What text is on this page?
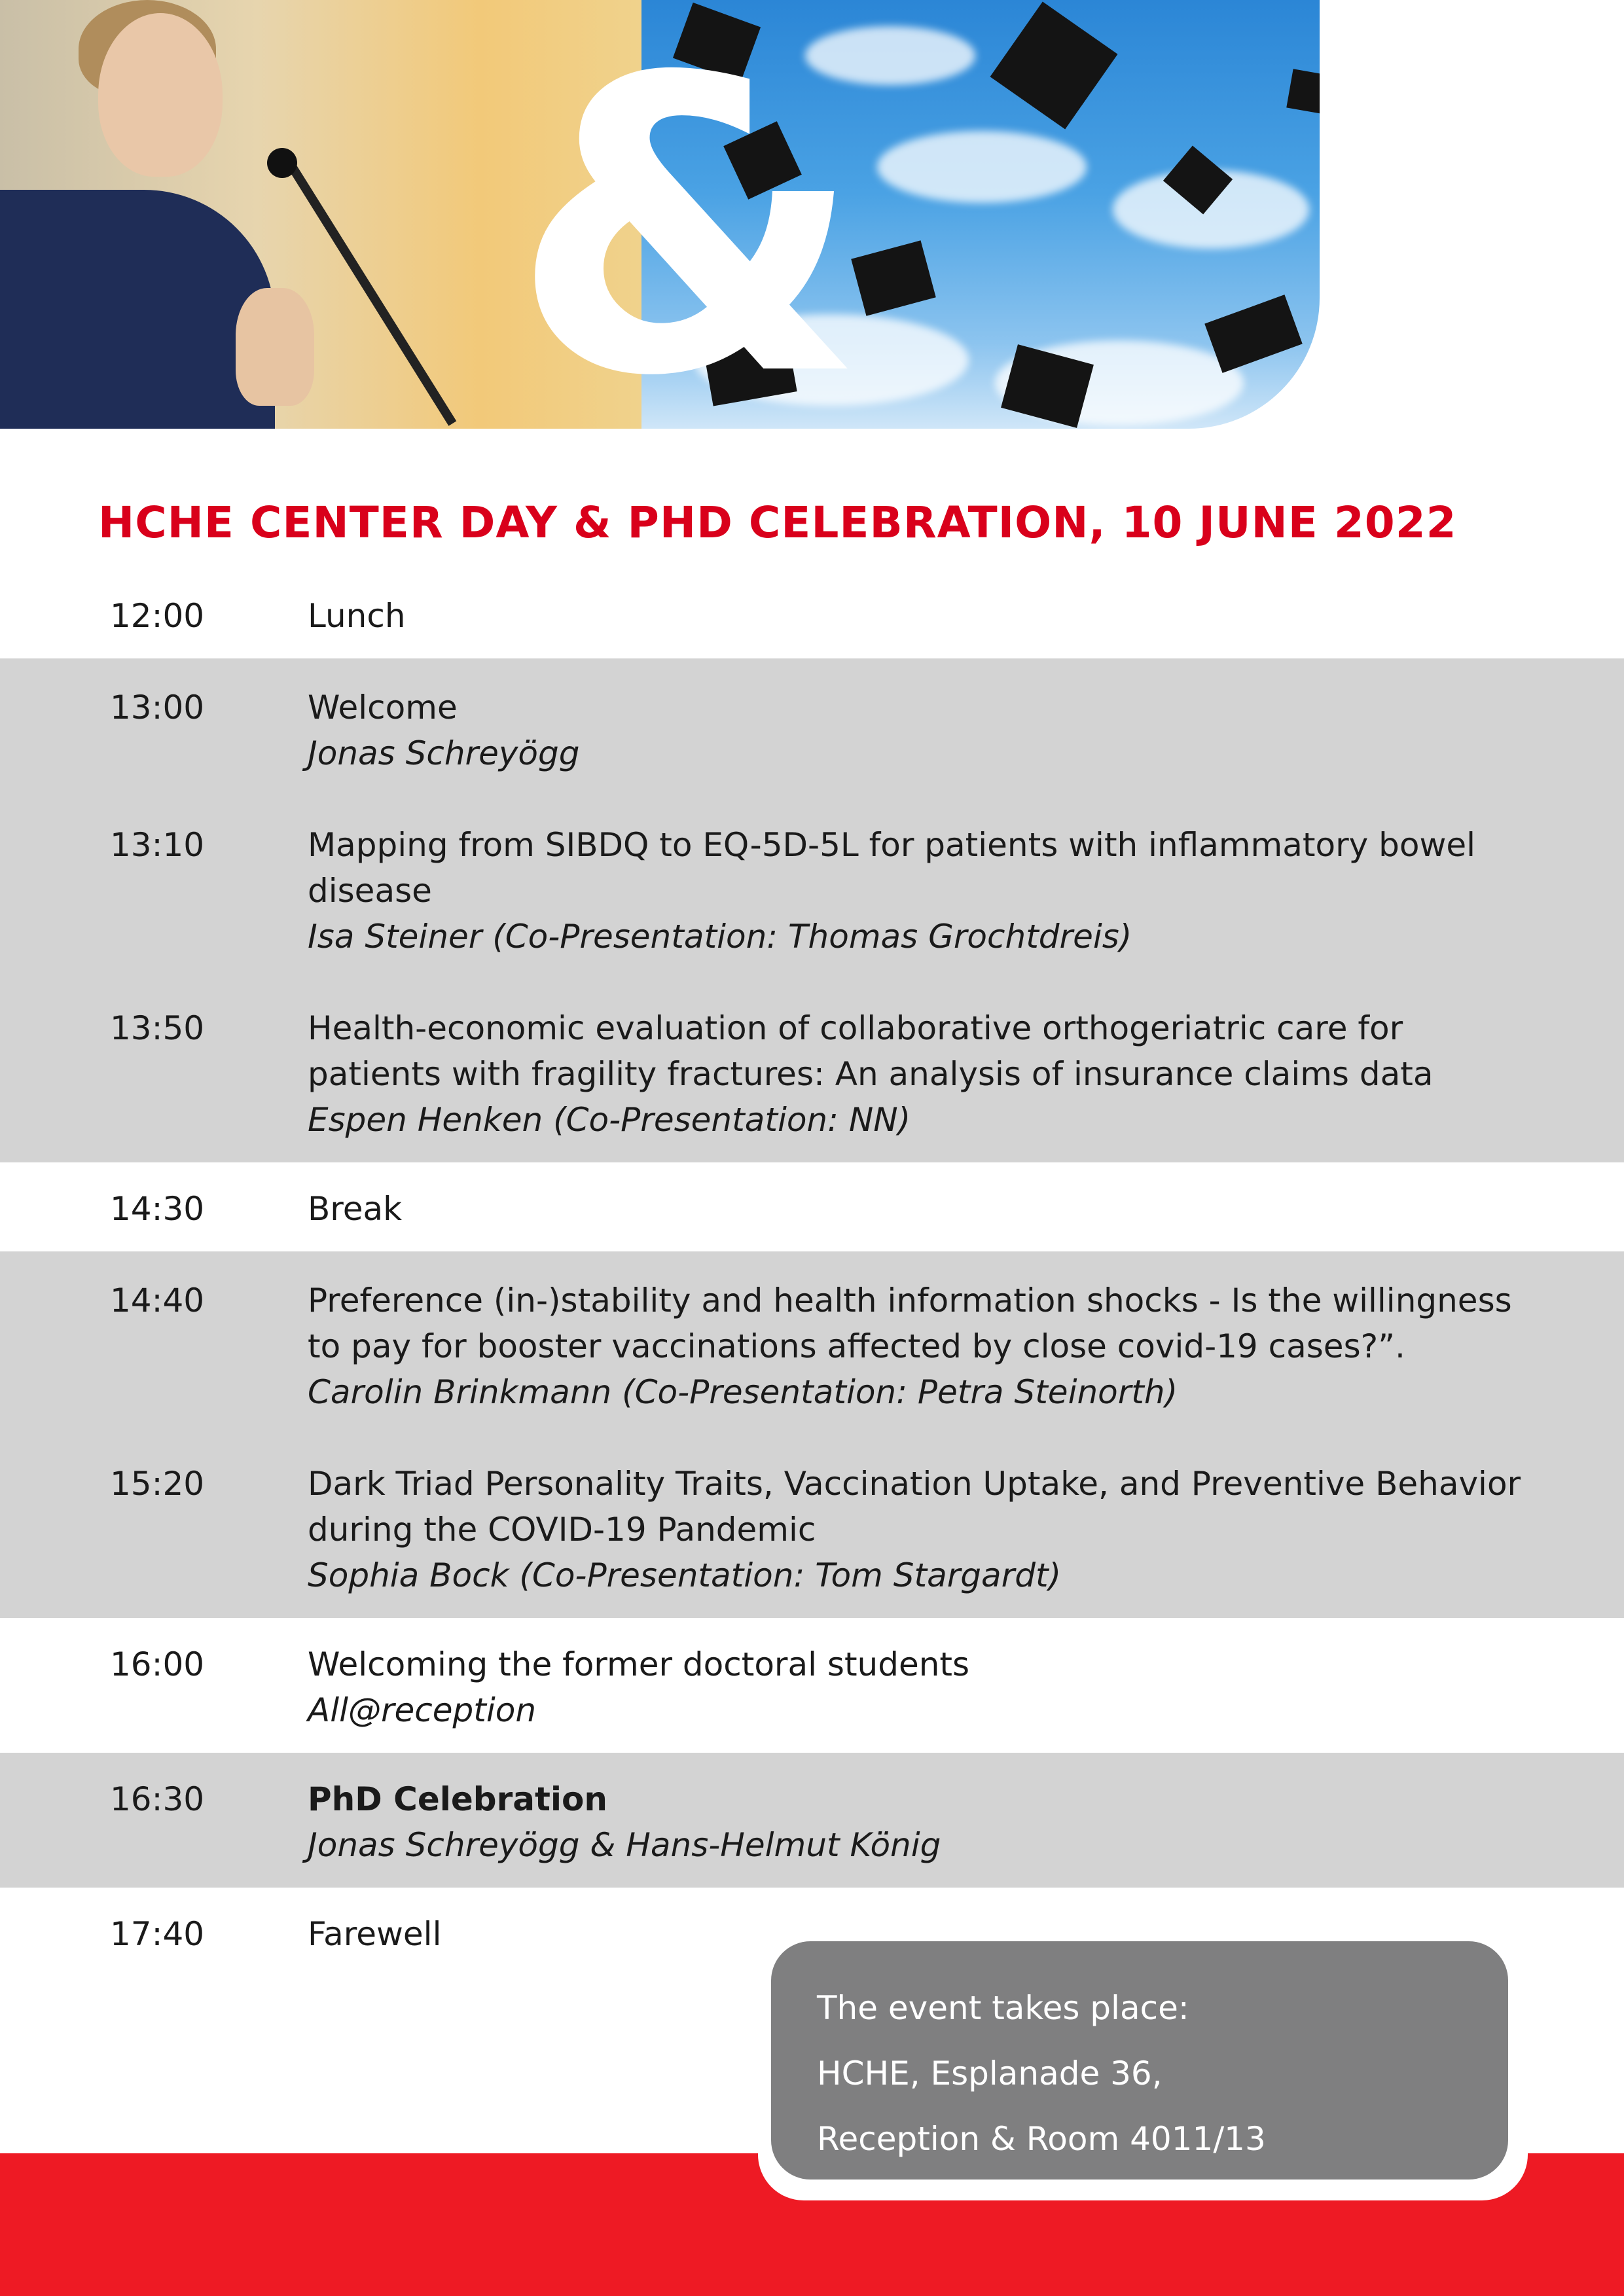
&
HCHE CENTER DAY & PHD CELEBRATION, 10 JUNE 2022
12:00	Lunch
13:00	Welcome
Jonas Schreyögg
13:10	Mapping from SIBDQ to EQ-5D-5L for patients with inflammatory bowel disease
Isa Steiner (Co-Presentation: Thomas Grochtdreis)
13:50	Health-economic evaluation of collaborative orthogeriatric care for patients with fragility fractures: An analysis of insurance claims data
Espen Henken (Co-Presentation: NN)
14:30	Break
14:40	Preference (in-)stability and health information shocks - Is the willingness to pay for booster vaccinations affected by close covid-19 cases?”.
Carolin Brinkmann (Co-Presentation: Petra Steinorth)
15:20	Dark Triad Personality Traits, Vaccination Uptake, and Preventive Behavior during the COVID-19 Pandemic
Sophia Bock (Co-Presentation: Tom Stargardt)
16:00	Welcoming the former doctoral students
All@reception
16:30	PhD Celebration
Jonas Schreyögg & Hans-Helmut König
17:40	Farewell

The event takes place:

HCHE, Esplanade 36,

Reception & Room 4011/13
